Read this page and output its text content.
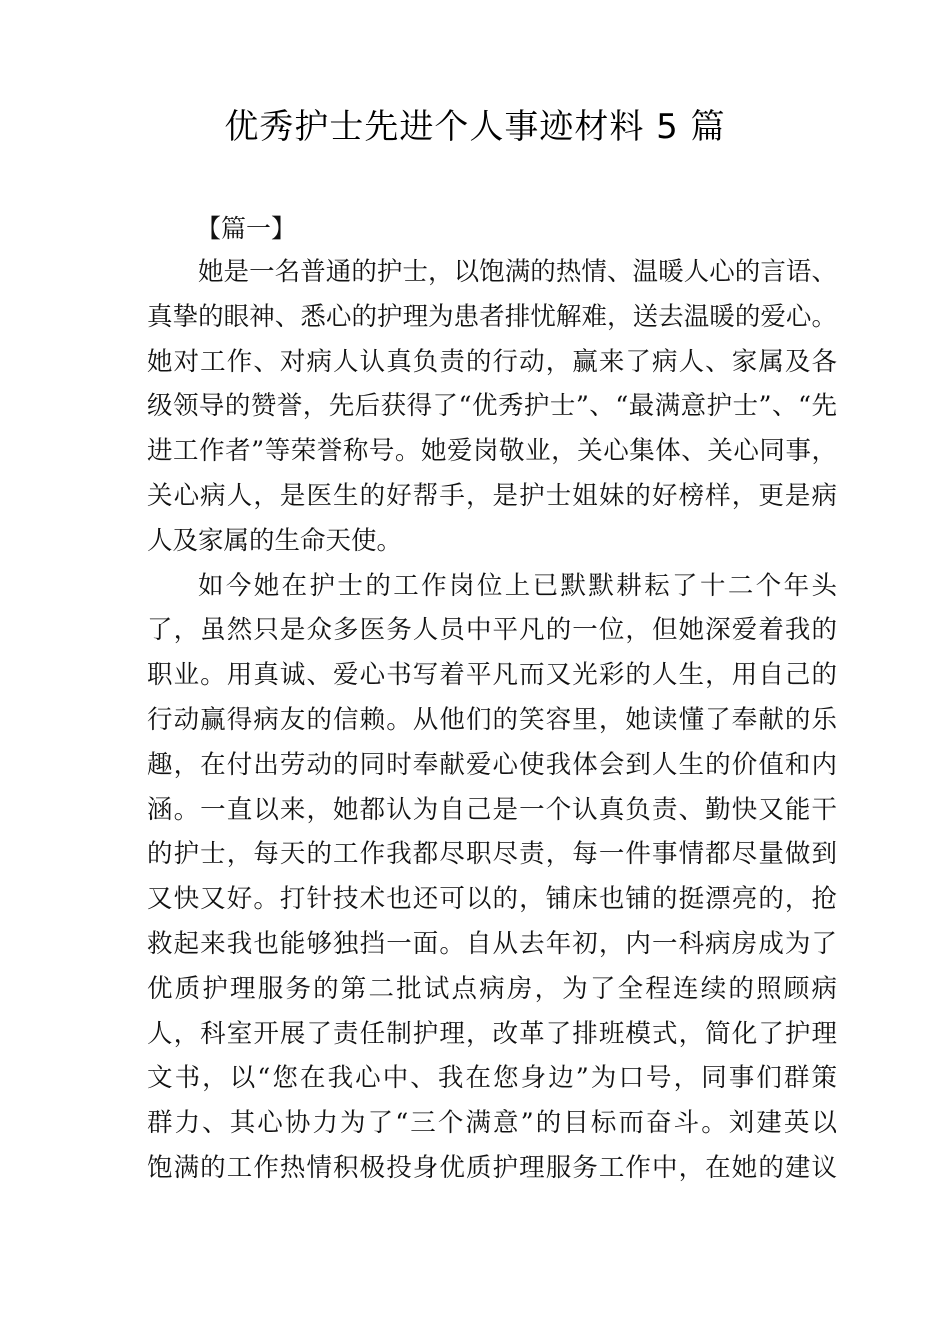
优秀护士先进个人事迹材料 5 篇
【篇一】
她是一名普通的护士，以饱满的热情、温暖人心的言语、
真挚的眼神、悉心的护理为患者排忧解难，送去温暖的爱心。
她对工作、对病人认真负责的行动，赢来了病人、家属及各
级领导的赞誉，先后获得了“优秀护士”、“最满意护士”、“先
进工作者”等荣誉称号。她爱岗敬业，关心集体、关心同事，
关心病人，是医生的好帮手，是护士姐妹的好榜样，更是病
人及家属的生命天使。
如今她在护士的工作岗位上已默默耕耘了十二个年头
了，虽然只是众多医务人员中平凡的一位，但她深爱着我的
职业。用真诚、爱心书写着平凡而又光彩的人生，用自己的
行动赢得病友的信赖。从他们的笑容里，她读懂了奉献的乐
趣，在付出劳动的同时奉献爱心使我体会到人生的价值和内
涵。一直以来，她都认为自己是一个认真负责、勤快又能干
的护士，每天的工作我都尽职尽责，每一件事情都尽量做到
又快又好。打针技术也还可以的，铺床也铺的挺漂亮的，抢
救起来我也能够独挡一面。自从去年初，内一科病房成为了
优质护理服务的第二批试点病房，为了全程连续的照顾病
人，科室开展了责任制护理，改革了排班模式，简化了护理
文书，以“您在我心中、我在您身边”为口号，同事们群策
群力、其心协力为了“三个满意”的目标而奋斗。刘建英以
饱满的工作热情积极投身优质护理服务工作中，在她的建议
